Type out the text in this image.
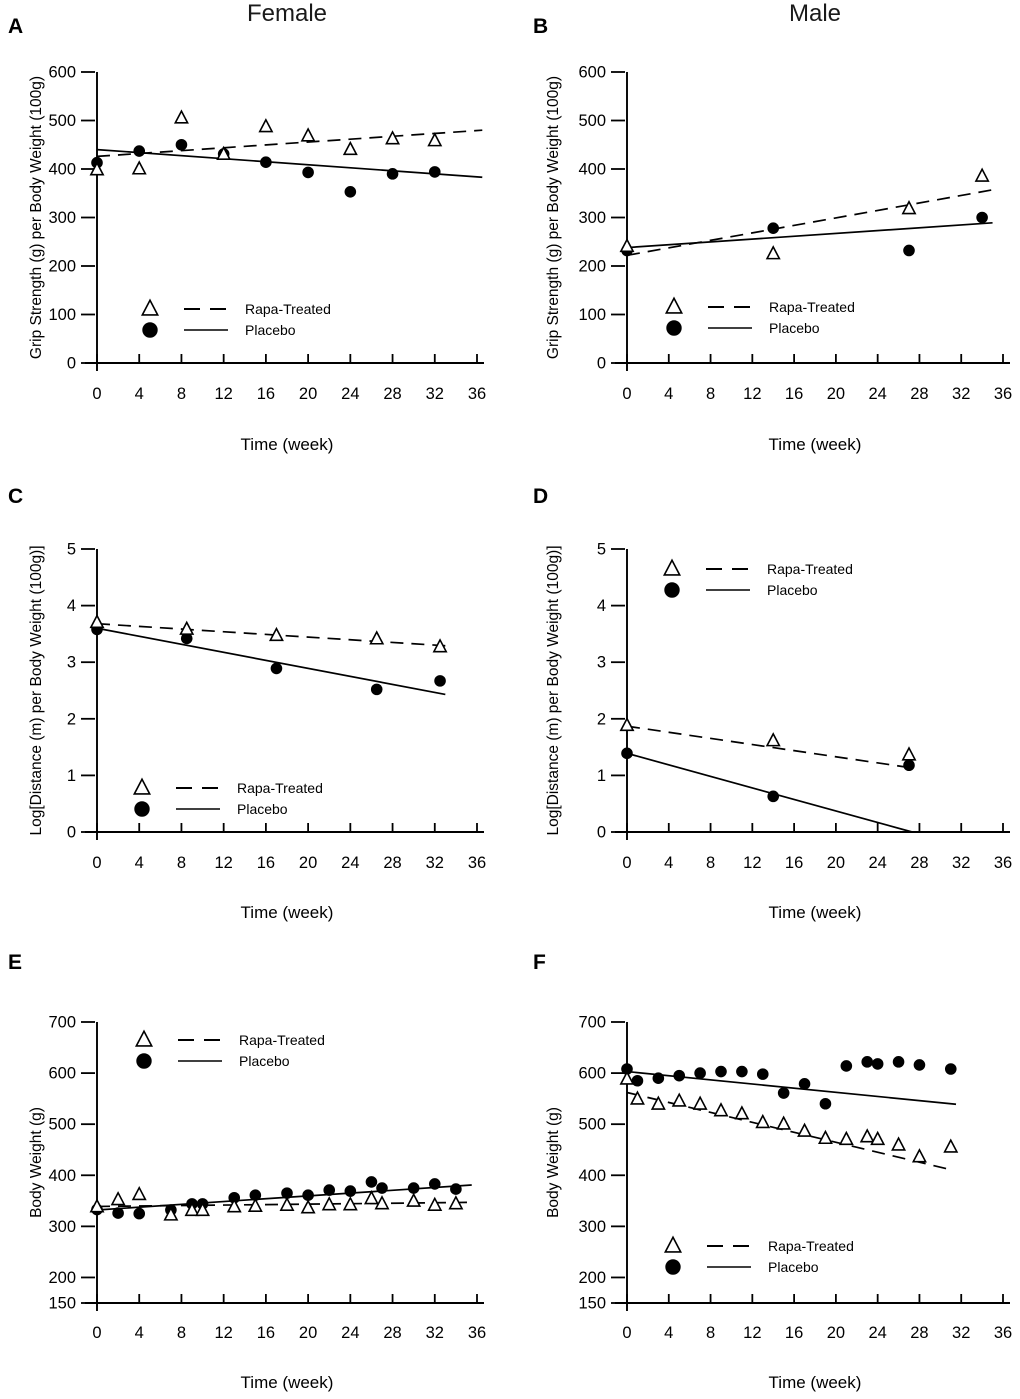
Female	Male
A
0 4 8 12 16 20 24 28 32 36
0
100
200
300
400
500
600
Time (week)
Grip Strength (g) per Body Weight (100g)	Rapa-Treated
Placebo
B
0 4 8 12 16 20 24 28 32 36
0
100
200
300
400
500
600
Time (week)
Grip Strength (g) per Body Weight (100g)	Rapa-Treated
Placebo
C
0 4 8 12 16 20 24 28 32 36
0
1
2
3
4
5
Time (week)
Log[Distance (m) per Body Weight (100g)]	Rapa-Treated
Placebo
D
0 4 8 12 16 20 24 28 32 36
0
1
2
3
4
5
Time (week)
Log[Distance (m) per Body Weight (100g)]	Rapa-Treated
Placebo
E
0 4 8 12 16 20 24 28 32 36
150
200
300
400
500
600
700
Time (week)
Body Weight (g)
Rapa-Treated
Placebo
F
0 4 8 12 16 20 24 28 32 36
150
200
300
400
500
600
700
Time (week)
Body Weight (g)
Rapa-Treated
Placebo
